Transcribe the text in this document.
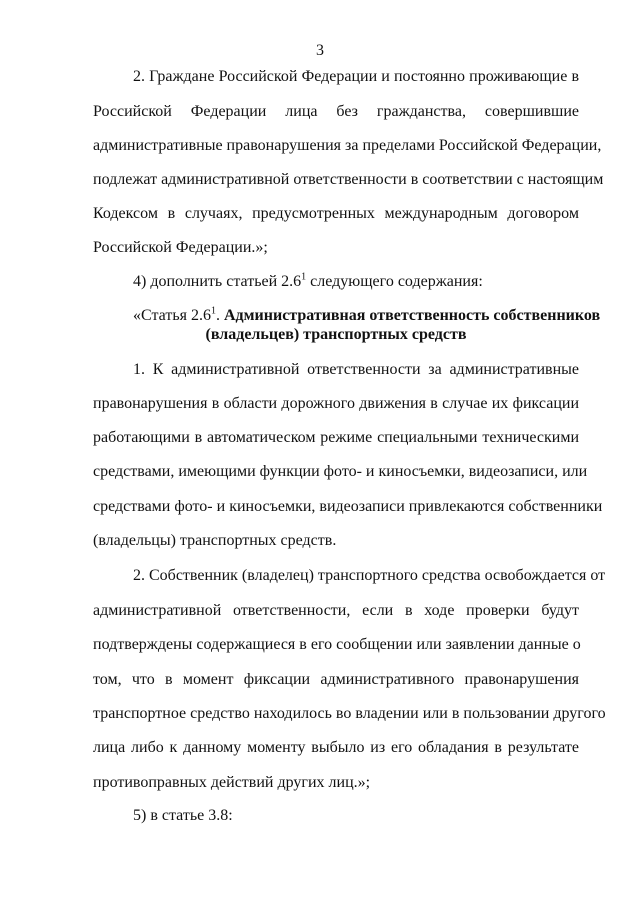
3
2. Граждане Российской Федерации и постоянно проживающие в
Российской Федерации лица без гражданства, совершившие
административные правонарушения за пределами Российской Федерации,
подлежат административной ответственности в соответствии с настоящим
Кодексом в случаях, предусмотренных международным договором
Российской Федерации.»;
4) дополнить статьей $2.6^1$ следующего содержания:
«Статья $2.6^1$. Административная ответственность собственников
(владельцев) транспортных средств
1. К административной ответственности за административные
правонарушения в области дорожного движения в случае их фиксации
работающими в автоматическом режиме специальными техническими
средствами, имеющими функции фото- и киносъемки, видеозаписи, или
средствами фото- и киносъемки, видеозаписи привлекаются собственники
(владельцы) транспортных средств.
2. Собственник (владелец) транспортного средства освобождается от
административной ответственности, если в ходе проверки будут
подтверждены содержащиеся в его сообщении или заявлении данные о
том, что в момент фиксации административного правонарушения
транспортное средство находилось во владении или в пользовании другого
лица либо к данному моменту выбыло из его обладания в результате
противоправных действий других лиц.»;
5) в статье 3.8:
